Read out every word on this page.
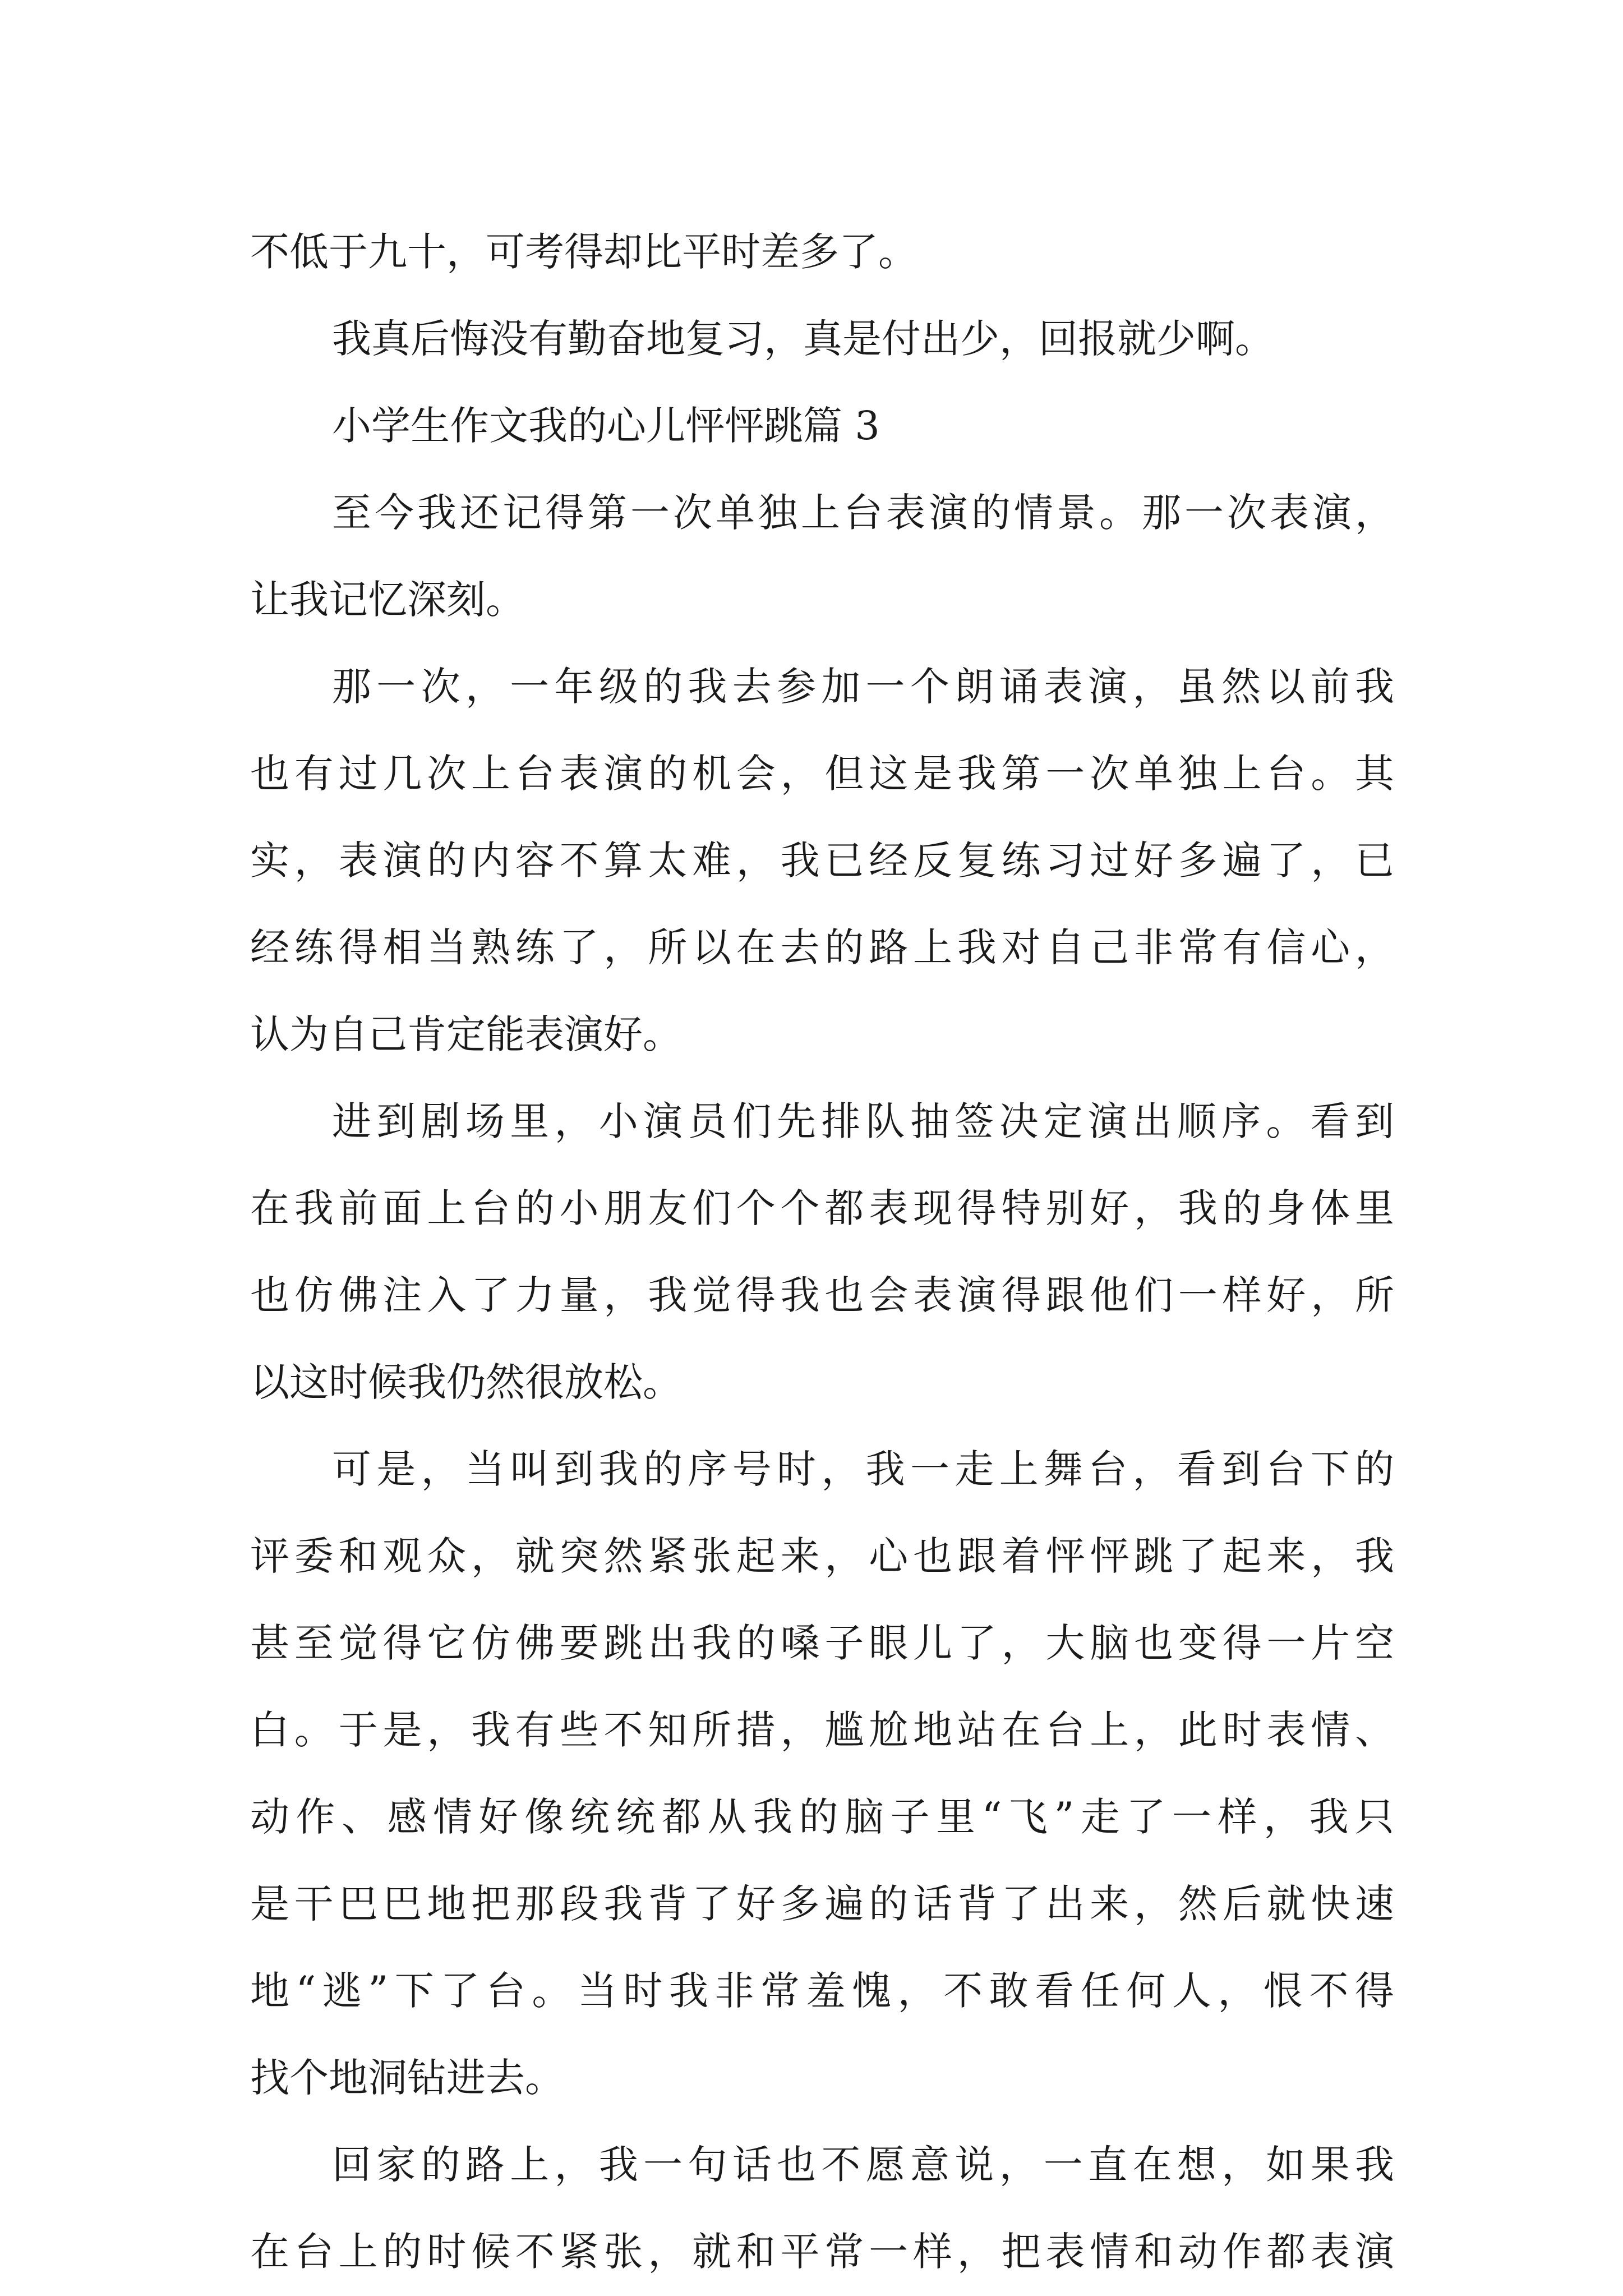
不低于九十，可考得却比平时差多了。

我真后悔没有勤奋地复习，真是付出少，回报就少啊。

小学生作文我的心儿怦怦跳篇 3

至今我还记得第一次单独上台表演的情景。那一次表演，

让我记忆深刻。

那一次，一年级的我去参加一个朗诵表演，虽然以前我

也有过几次上台表演的机会，但这是我第一次单独上台。其

实，表演的内容不算太难，我已经反复练习过好多遍了，已

经练得相当熟练了，所以在去的路上我对自己非常有信心，

认为自己肯定能表演好。

进到剧场里，小演员们先排队抽签决定演出顺序。看到

在我前面上台的小朋友们个个都表现得特别好，我的身体里

也仿佛注入了力量，我觉得我也会表演得跟他们一样好，所

以这时候我仍然很放松。

可是，当叫到我的序号时，我一走上舞台，看到台下的

评委和观众，就突然紧张起来，心也跟着怦怦跳了起来，我

甚至觉得它仿佛要跳出我的嗓子眼儿了，大脑也变得一片空

白。于是，我有些不知所措，尴尬地站在台上，此时表情、

动作、感情好像统统都从我的脑子里“飞”走了一样，我只

是干巴巴地把那段我背了好多遍的话背了出来，然后就快速

地“逃”下了台。当时我非常羞愧，不敢看任何人，恨不得

找个地洞钻进去。

回家的路上，我一句话也不愿意说，一直在想，如果我

在台上的时候不紧张，就和平常一样，把表情和动作都表演
